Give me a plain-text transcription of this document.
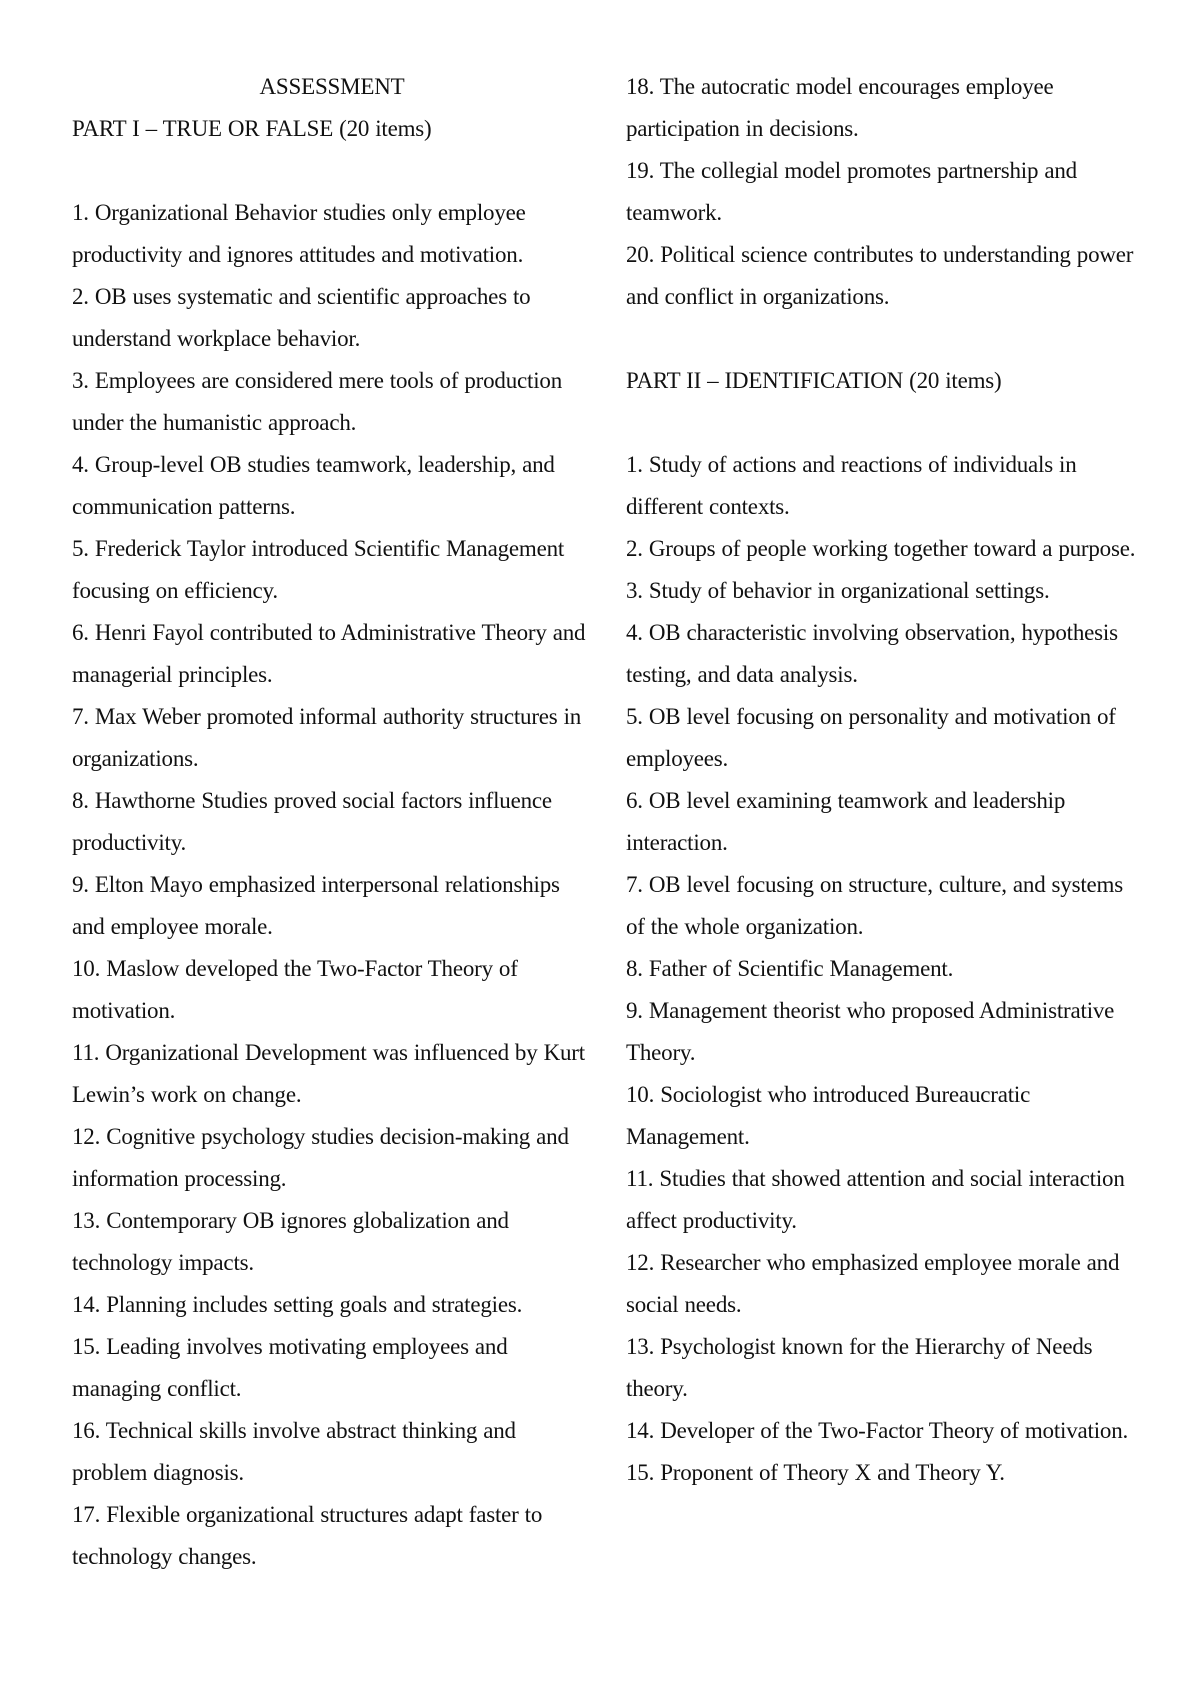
ASSESSMENT
PART I – TRUE OR FALSE (20 items)

1. Organizational Behavior studies only employee productivity and ignores attitudes and motivation.

2. OB uses systematic and scientific approaches to understand workplace behavior.

3. Employees are considered mere tools of production under the humanistic approach.

4. Group-level OB studies teamwork, leadership, and communication patterns.

5. Frederick Taylor introduced Scientific Management focusing on efficiency.

6. Henri Fayol contributed to Administrative Theory and managerial principles.

7. Max Weber promoted informal authority structures in organizations.

8. Hawthorne Studies proved social factors influence productivity.

9. Elton Mayo emphasized interpersonal relationships and employee morale.

10. Maslow developed the Two-Factor Theory of motivation.

11. Organizational Development was influenced by Kurt Lewin’s work on change.

12. Cognitive psychology studies decision-making and information processing.

13. Contemporary OB ignores globalization and technology impacts.

14. Planning includes setting goals and strategies.

15. Leading involves motivating employees and managing conflict.

16. Technical skills involve abstract thinking and problem diagnosis.

17. Flexible organizational structures adapt faster to technology changes.

18. The autocratic model encourages employee participation in decisions.

19. The collegial model promotes partnership and teamwork.

20. Political science contributes to understanding power and conflict in organizations.

PART II – IDENTIFICATION (20 items)

1. Study of actions and reactions of individuals in different contexts.

2. Groups of people working together toward a purpose.

3. Study of behavior in organizational settings.

4. OB characteristic involving observation, hypothesis testing, and data analysis.

5. OB level focusing on personality and motivation of employees.

6. OB level examining teamwork and leadership interaction.

7. OB level focusing on structure, culture, and systems of the whole organization.

8. Father of Scientific Management.

9. Management theorist who proposed Administrative Theory.

10. Sociologist who introduced Bureaucratic Management.

11. Studies that showed attention and social interaction affect productivity.

12. Researcher who emphasized employee morale and social needs.

13. Psychologist known for the Hierarchy of Needs theory.

14. Developer of the Two-Factor Theory of motivation.

15. Proponent of Theory X and Theory Y.
